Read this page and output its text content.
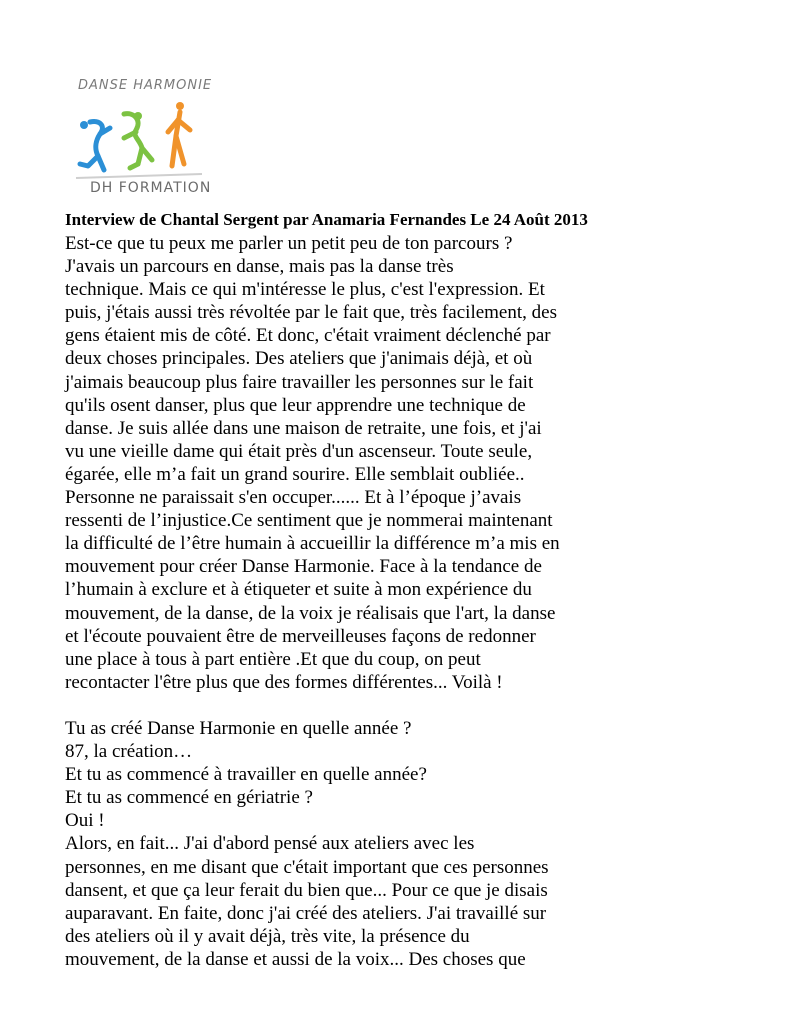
DANSE HARMONIE
DH FORMATION
Interview de Chantal Sergent par Anamaria Fernandes Le 24 Août 2013
Est-ce que tu peux me parler un petit peu de ton parcours ?
J'avais un parcours en danse, mais pas la danse très
technique. Mais ce qui m'intéresse le plus, c'est l'expression. Et
puis, j'étais aussi très révoltée par le fait que, très facilement, des
gens étaient mis de côté. Et donc, c'était vraiment déclenché par
deux choses principales. Des ateliers que j'animais déjà, et où
j'aimais beaucoup plus faire travailler les personnes sur le fait
qu'ils osent danser, plus que leur apprendre une technique de
danse. Je suis allée dans une maison de retraite, une fois, et j'ai
vu une vieille dame qui était près d'un ascenseur. Toute seule,
égarée, elle m’a fait un grand sourire. Elle semblait oubliée..
Personne ne paraissait s'en occuper...... Et à l’époque j’avais
ressenti de l’injustice.Ce sentiment que je nommerai maintenant
la difficulté de l’être humain à accueillir la différence m’a mis en
mouvement pour créer Danse Harmonie. Face à la tendance de
l’humain à exclure et à étiqueter et suite à mon expérience du
mouvement, de la danse, de la voix je réalisais que l'art, la danse
et l'écoute pouvaient être de merveilleuses façons de redonner
une place à tous à part entière .Et que du coup, on peut
recontacter l'être plus que des formes différentes... Voilà !
Tu as créé Danse Harmonie en quelle année ?
87, la création…
Et tu as commencé à travailler en quelle année?
Et tu as commencé en gériatrie ?
Oui !
Alors, en fait... J'ai d'abord pensé aux ateliers avec les
personnes, en me disant que c'était important que ces personnes
dansent, et que ça leur ferait du bien que... Pour ce que je disais
auparavant. En faite, donc j'ai créé des ateliers. J'ai travaillé sur
des ateliers où il y avait déjà, très vite, la présence du
mouvement, de la danse et aussi de la voix... Des choses que
